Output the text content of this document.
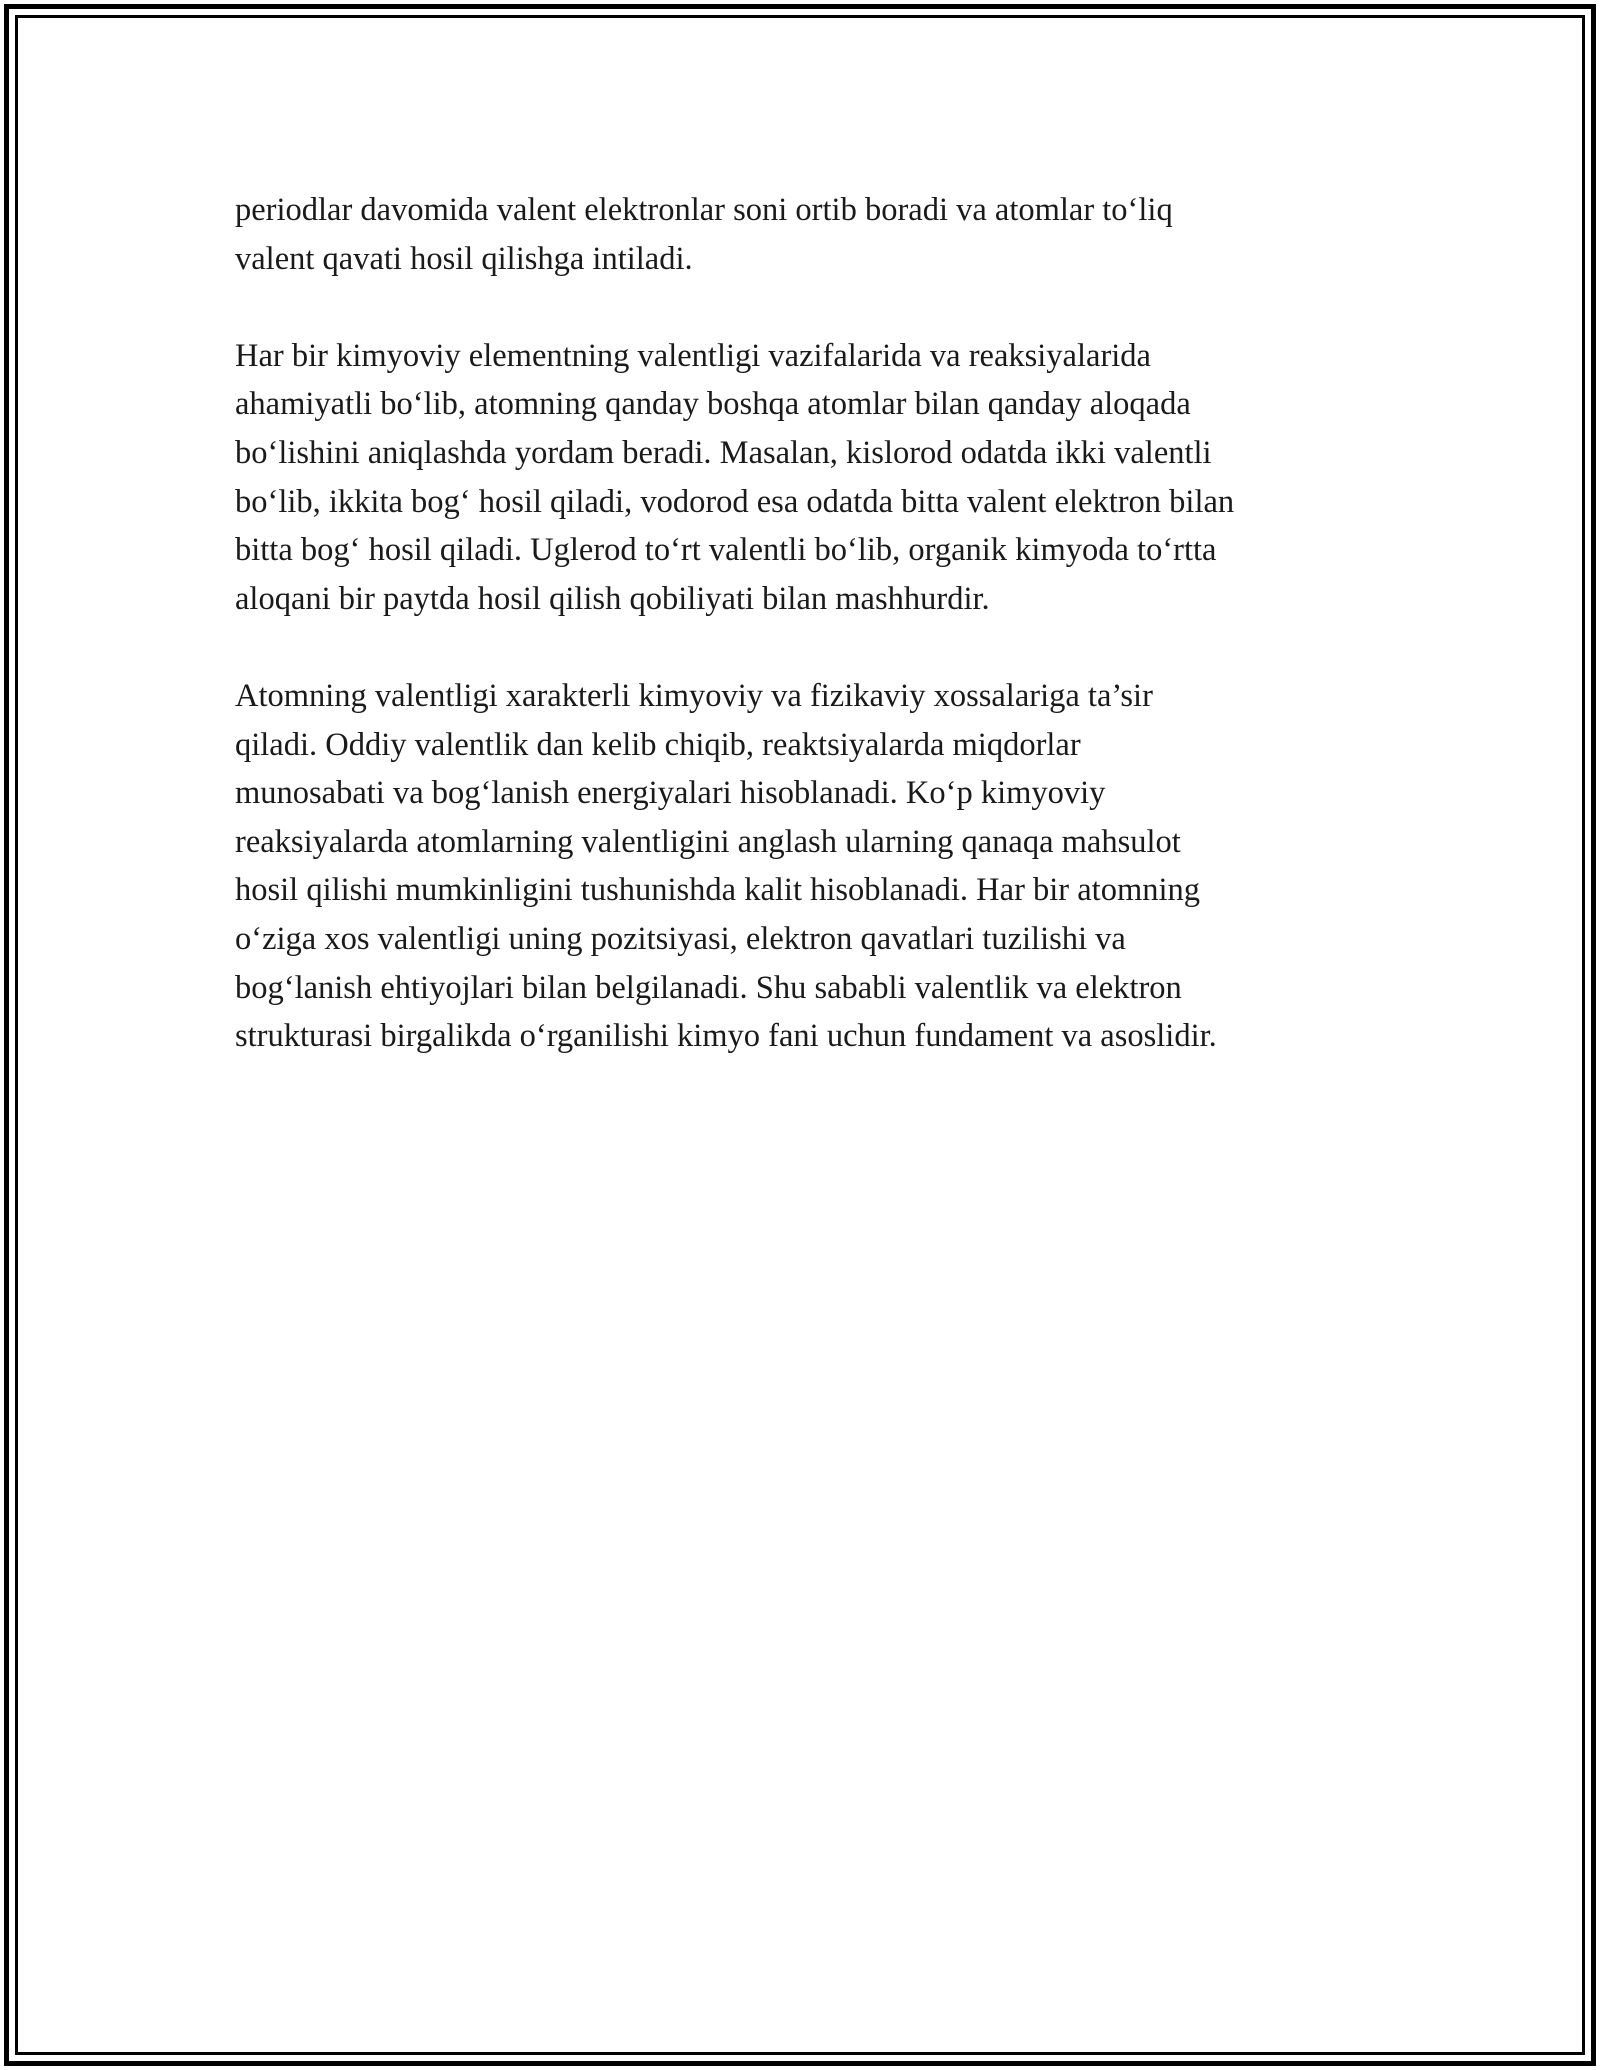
periodlar davomida valent elektronlar soni ortib boradi va atomlar to‘liq
valent qavati hosil qilishga intiladi.

Har bir kimyoviy elementning valentligi vazifalarida va reaksiyalarida
ahamiyatli bo‘lib, atomning qanday boshqa atomlar bilan qanday aloqada
bo‘lishini aniqlashda yordam beradi. Masalan, kislorod odatda ikki valentli
bo‘lib, ikkita bog‘ hosil qiladi, vodorod esa odatda bitta valent elektron bilan
bitta bog‘ hosil qiladi. Uglerod to‘rt valentli bo‘lib, organik kimyoda to‘rtta
aloqani bir paytda hosil qilish qobiliyati bilan mashhurdir.

Atomning valentligi xarakterli kimyoviy va fizikaviy xossalariga ta’sir
qiladi. Oddiy valentlik dan kelib chiqib, reaktsiyalarda miqdorlar
munosabati va bog‘lanish energiyalari hisoblanadi. Ko‘p kimyoviy
reaksiyalarda atomlarning valentligini anglash ularning qanaqa mahsulot
hosil qilishi mumkinligini tushunishda kalit hisoblanadi. Har bir atomning
o‘ziga xos valentligi uning pozitsiyasi, elektron qavatlari tuzilishi va
bog‘lanish ehtiyojlari bilan belgilanadi. Shu sababli valentlik va elektron
strukturasi birgalikda o‘rganilishi kimyo fani uchun fundament va asoslidir.
